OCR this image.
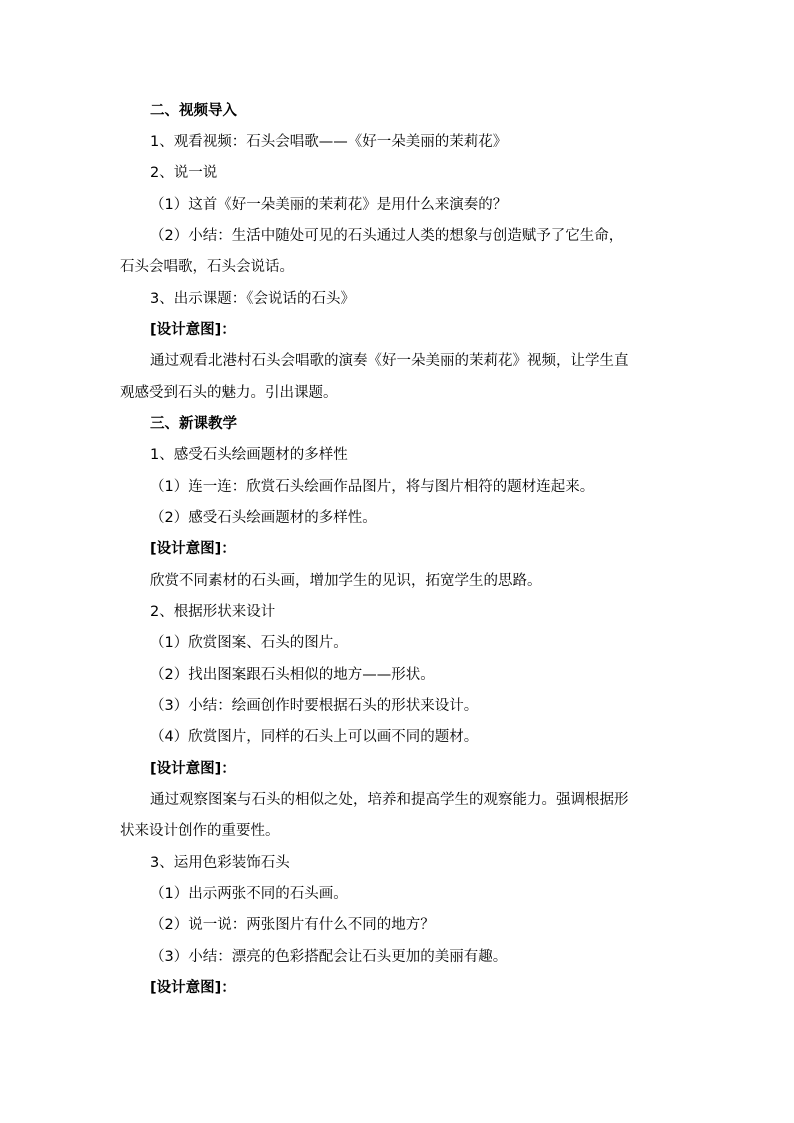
二、视频导入
1、观看视频：石头会唱歌——《好一朵美丽的茉莉花》
2、说一说
（1）这首《好一朵美丽的茉莉花》是用什么来演奏的？
（2）小结：生活中随处可见的石头通过人类的想象与创造赋予了它生命，
石头会唱歌，石头会说话。
3、出示课题：《会说话的石头》
[设计意图]：
通过观看北港村石头会唱歌的演奏《好一朵美丽的茉莉花》视频，让学生直
观感受到石头的魅力。引出课题。
三、新课教学
1、感受石头绘画题材的多样性
（1）连一连：欣赏石头绘画作品图片，将与图片相符的题材连起来。
（2）感受石头绘画题材的多样性。
[设计意图]：
欣赏不同素材的石头画，增加学生的见识，拓宽学生的思路。
2、根据形状来设计
（1）欣赏图案、石头的图片。
（2）找出图案跟石头相似的地方——形状。
（3）小结：绘画创作时要根据石头的形状来设计。
（4）欣赏图片，同样的石头上可以画不同的题材。
[设计意图]：
通过观察图案与石头的相似之处，培养和提高学生的观察能力。强调根据形
状来设计创作的重要性。
3、运用色彩装饰石头
（1）出示两张不同的石头画。
（2）说一说：两张图片有什么不同的地方？
（3）小结：漂亮的色彩搭配会让石头更加的美丽有趣。
[设计意图]：
